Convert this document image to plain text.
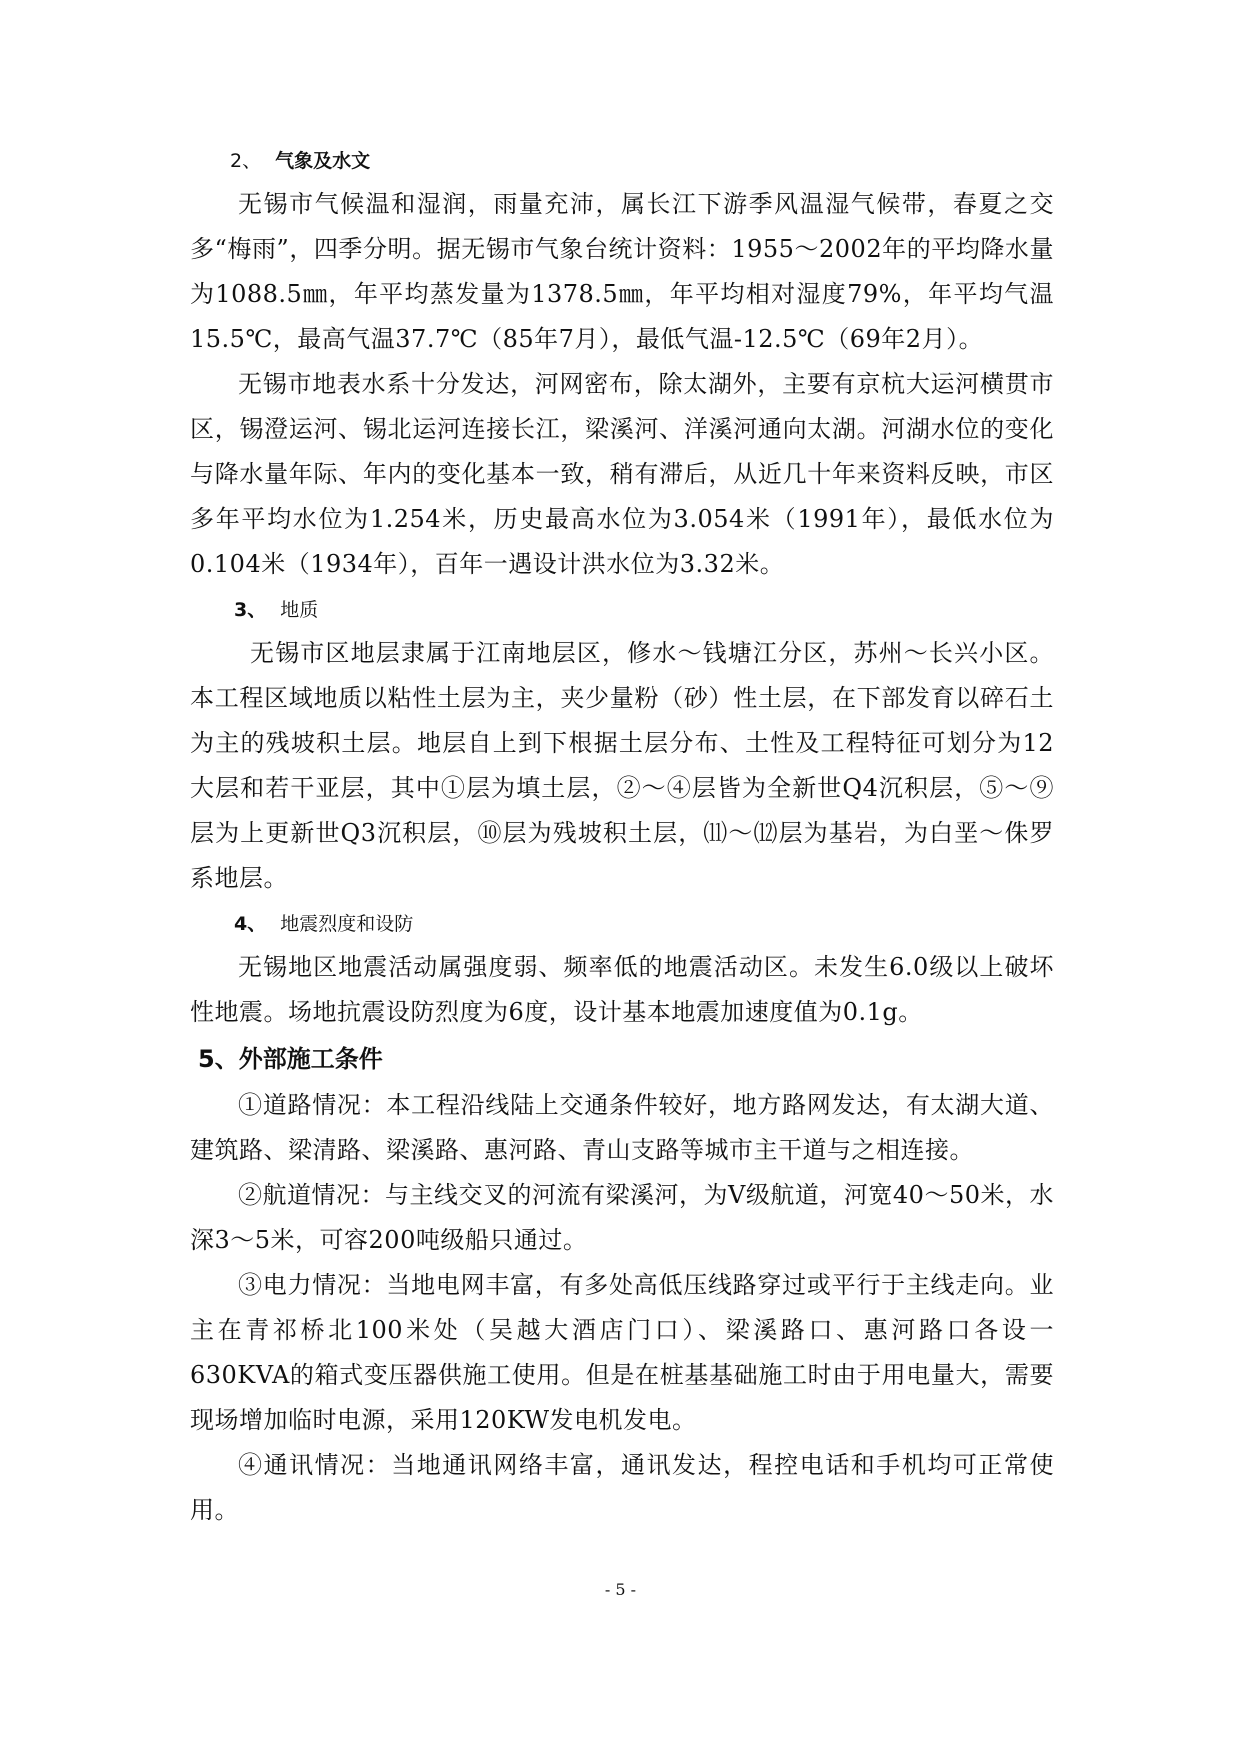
2、 气象及水文

无锡市气候温和湿润，雨量充沛，属长江下游季风温湿气候带，春夏之交多“梅雨”，四季分明。据无锡市气象台统计资料：1955～2002年的平均降水量为1088.5㎜，年平均蒸发量为1378.5㎜，年平均相对湿度79%，年平均气温15.5℃，最高气温37.7℃（85年7月），最低气温-12.5℃（69年2月）。

无锡市地表水系十分发达，河网密布，除太湖外，主要有京杭大运河横贯市区，锡澄运河、锡北运河连接长江，梁溪河、洋溪河通向太湖。河湖水位的变化与降水量年际、年内的变化基本一致，稍有滞后，从近几十年来资料反映，市区多年平均水位为1.254米，历史最高水位为3.054米（1991年），最低水位为0.104米（1934年），百年一遇设计洪水位为3.32米。

3、 地质

无锡市区地层隶属于江南地层区，修水～钱塘江分区，苏州～长兴小区。本工程区域地质以粘性土层为主，夹少量粉（砂）性土层，在下部发育以碎石土为主的残坡积土层。地层自上到下根据土层分布、土性及工程特征可划分为12大层和若干亚层，其中①层为填土层，②～④层皆为全新世Q4沉积层，⑤～⑨层为上更新世Q3沉积层，⑩层为残坡积土层，⑾～⑿层为基岩，为白垩～侏罗系地层。

4、 地震烈度和设防

无锡地区地震活动属强度弱、频率低的地震活动区。未发生6.0级以上破坏性地震。场地抗震设防烈度为6度，设计基本地震加速度值为0.1g。

5、外部施工条件

①道路情况：本工程沿线陆上交通条件较好，地方路网发达，有太湖大道、建筑路、梁清路、梁溪路、惠河路、青山支路等城市主干道与之相连接。

②航道情况：与主线交叉的河流有梁溪河，为Ⅴ级航道，河宽40～50米，水深3～5米，可容200吨级船只通过。

③电力情况：当地电网丰富，有多处高低压线路穿过或平行于主线走向。业主在青祁桥北100米处（吴越大酒店门口）、梁溪路口、惠河路口各设一630KVA的箱式变压器供施工使用。但是在桩基基础施工时由于用电量大，需要现场增加临时电源，采用120KW发电机发电。

④通讯情况：当地通讯网络丰富，通讯发达，程控电话和手机均可正常使用。

- 5 -
